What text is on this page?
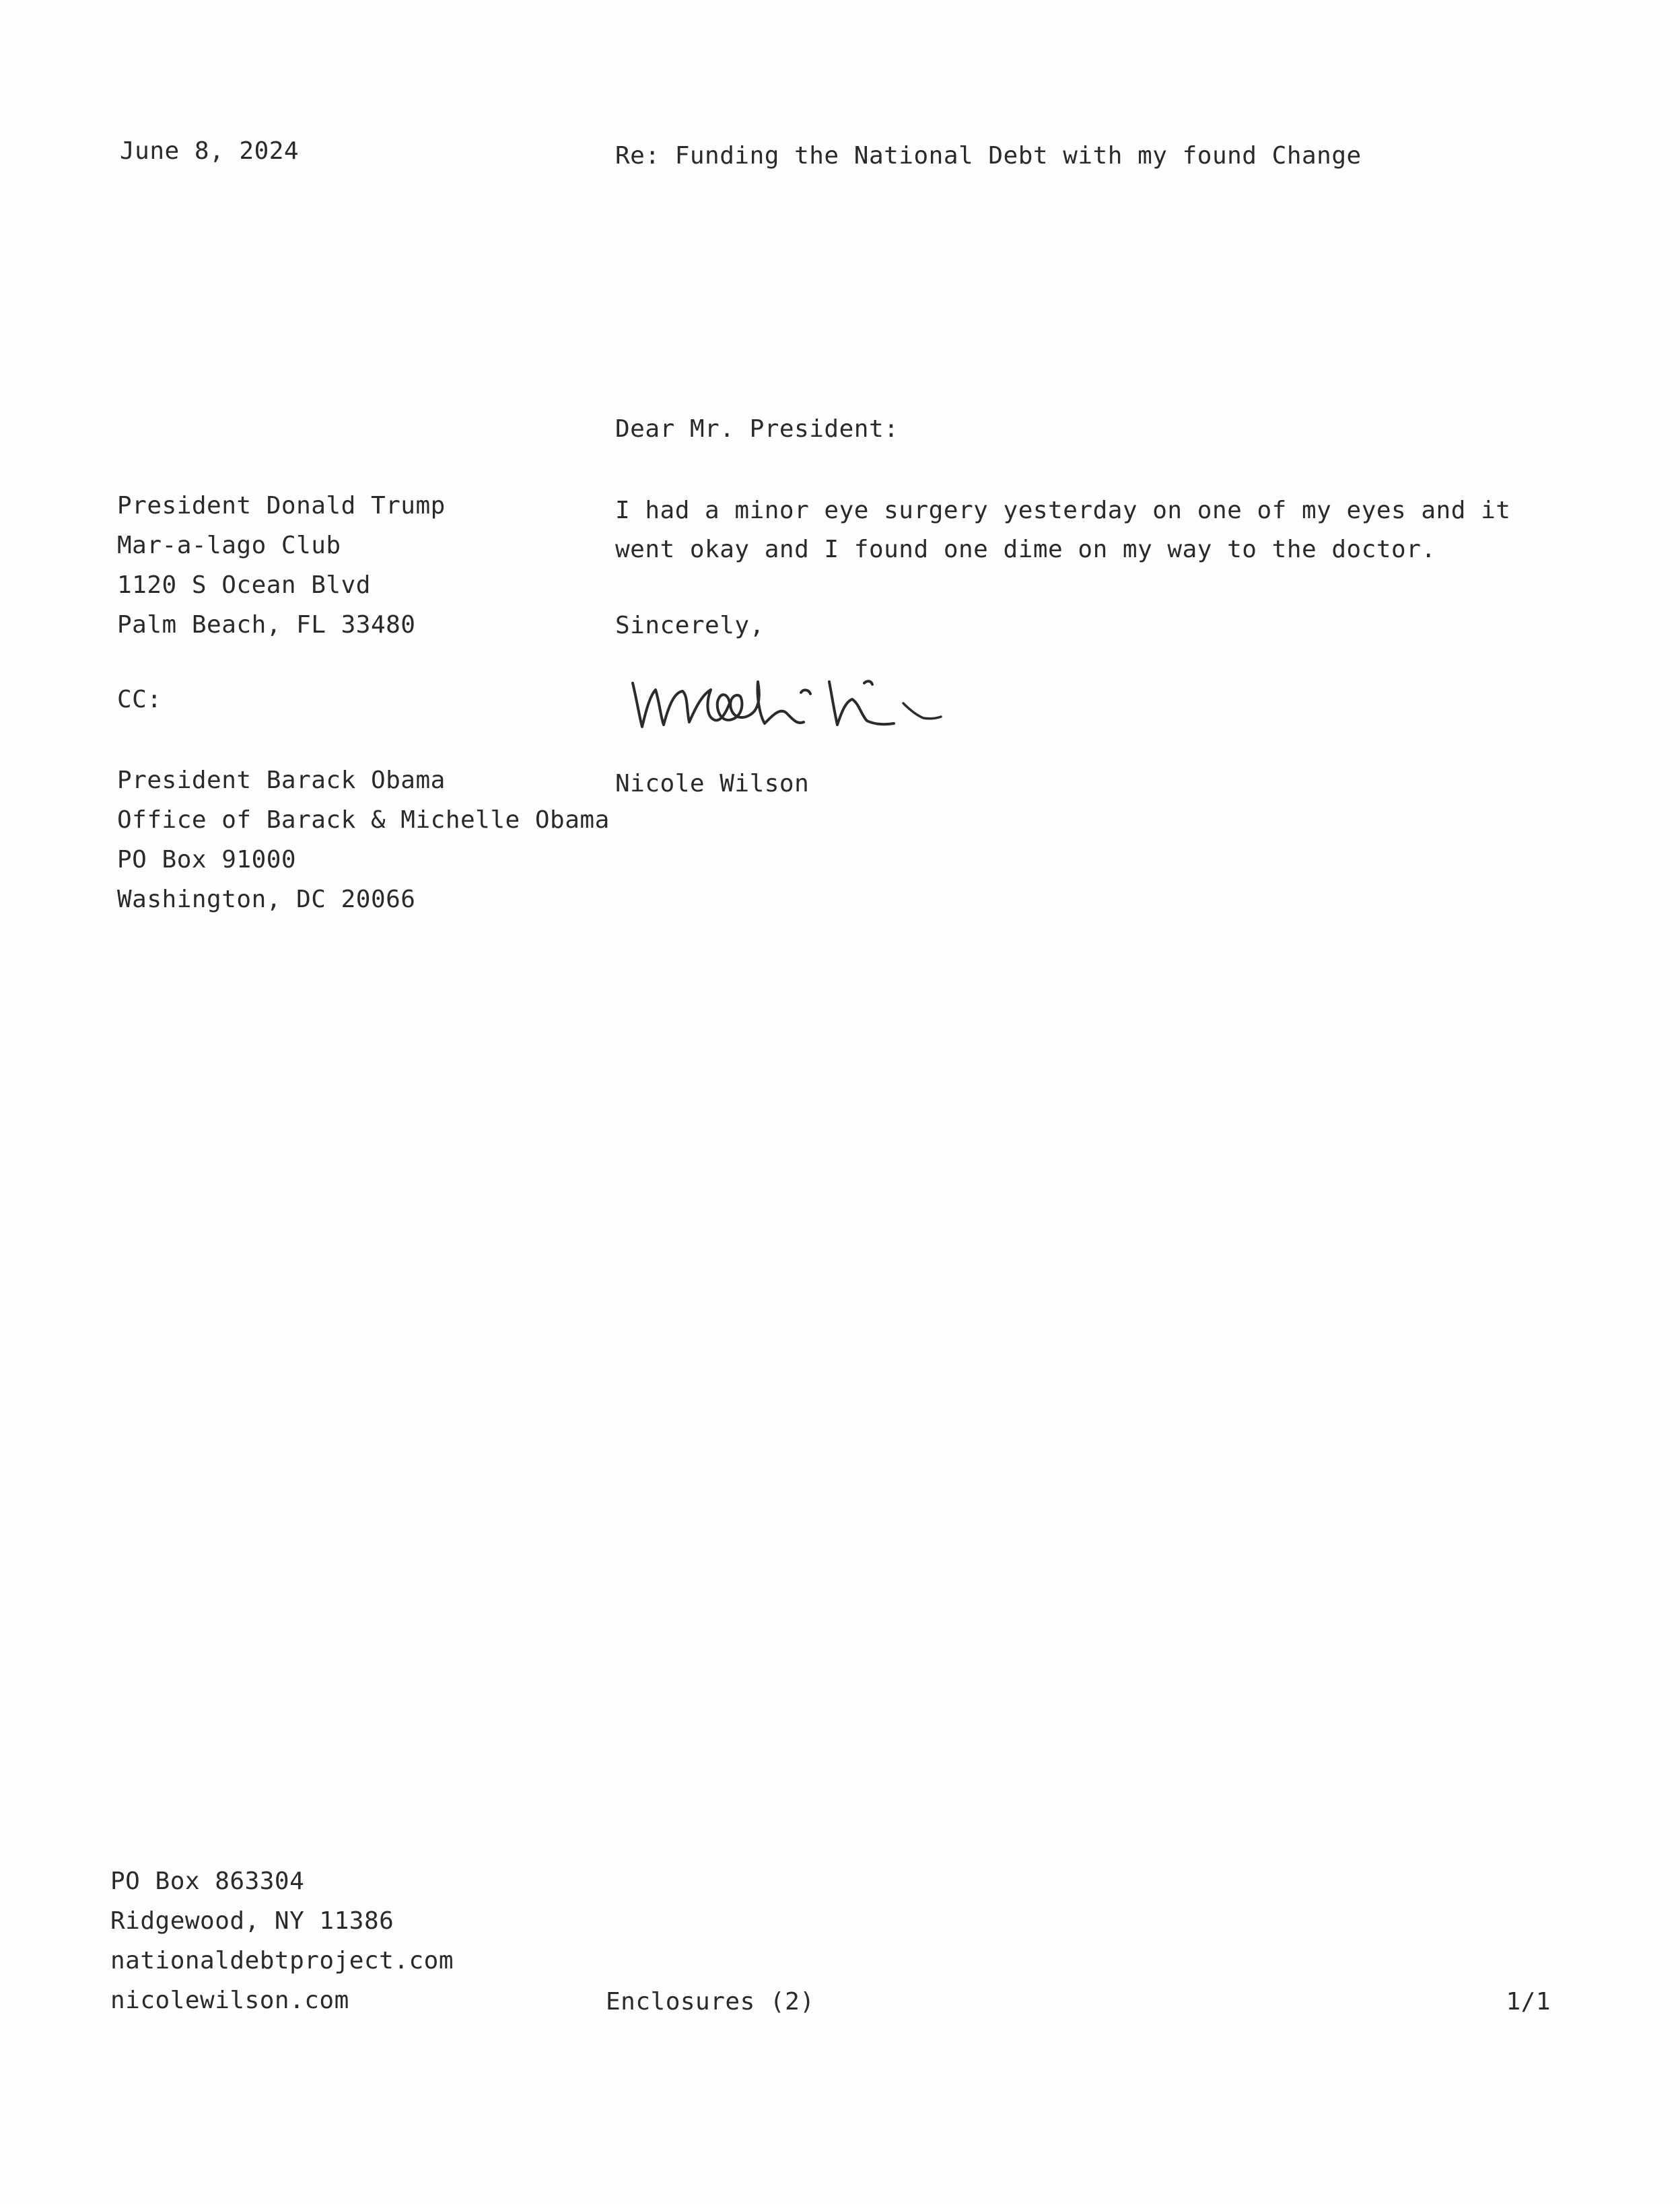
June 8, 2024	Re: Funding the National Debt with my found Change
Dear Mr. President:
President Donald Trump
Mar-a-lago Club
1120 S Ocean Blvd
Palm Beach, FL 33480
CC:
President Barack Obama
Office of Barack & Michelle Obama
PO Box 91000
Washington, DC 20066
I had a minor eye surgery yesterday on one of my eyes and it went okay and I found one dime on my way to the doctor.
Sincerely,
Nicole Wilson
PO Box 863304
Ridgewood, NY 11386
nationaldebtproject.com
nicolewilson.com	Enclosures (2)	1/1
